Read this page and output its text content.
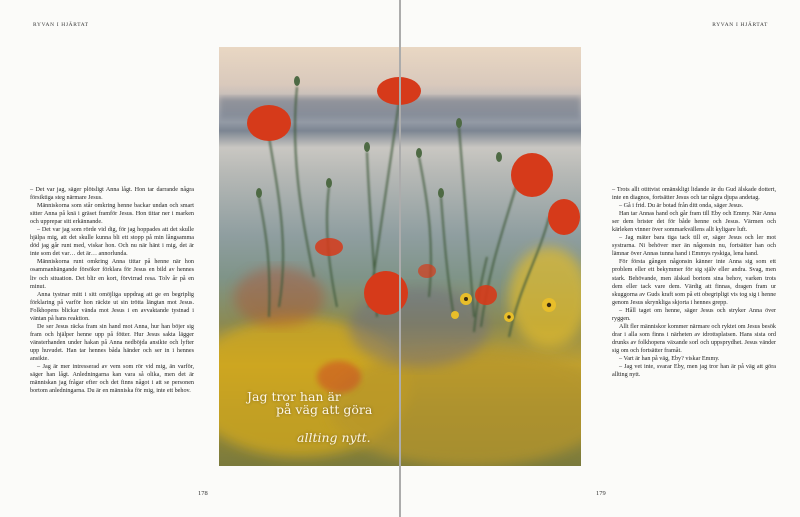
RYVAN I HJÄRTAT

– Det var jag, säger plötsligt Anna lågt. Hon tar darrande några försiktiga steg närmare Jesus.

Människorna som står omkring henne backar undan och smart sitter Anna på knä i gräset framför Jesus. Hon tittar ner i marken och upprepar sitt erkännande.

– Det var jag som rörde vid dig, för jag hoppades att det skulle hjälpa mig, att det skulle kunna bli ett stopp på min långsamma död jag går runt med, viskar hon. Och nu när hänt i mig, det är inte som det var… det är… annorlunda.

Människorna runt omkring Anna tittar på henne när hon osammanhängande försöker förklara för Jesus en bild av hennes liv och situation. Det blir en kort, förvirrad resa. Tolv år på en minut.

Anna tystnar mitt i sitt omöjliga uppdrag att ge en begriplig förklaring på varför hon räckte ut sin trötta längtan mot Jesus. Folkhopens blickar vända mot Jesus i en avvaktande tystnad i väntan på hans reaktion.

De ser Jesus räcka fram sin hand mot Anna, hur han böjer sig fram och hjälper henne upp på fötter. Hur Jesus sakta lägger vänsterhanden under hakan på Anna nedböjda ansikte och lyfter upp huvudet. Han tar hennes båda händer och ser in i hennes ansikte.

– Jag är mer intresserad av vem som rör vid mig, än varför, säger han lågt. Anledningarna kan vara så olika, men det är människan jag frågar efter och det finns något i att se personen bortom anledningarna. Du är en människa för mig, inte ett behov.

178
RYVAN I HJÄRTAT

– Trots allt otittvist omänskligt lidande är du Gud älskade dottert, inte en diagnos, fortsätter Jesus och tar några djupa andetag.

– Gå i frid. Du är botad från ditt onda, säger Jesus.

Han tar Annas hand och går fram till Eby och Emmy. När Anna ser dem brister det för både henne och Jesus. Värmen och kärleken vinner över sommarkvällens allt kyligare luft.

– Jag mäter bara tiga tack till er, säger Jesus och ler mot systrarna. Ni behöver mer än någonsin nu, fortsätter han och lämnar över Annas tunna hand i Emmys ryskiga, lena hand.

För första gången någonsin känner inte Anna sig som ett problem eller ett bekymmer för sig själv eller andra. Svag, men stark. Behövande, men älskad bortom sina behov, varken trots dem eller tack vare dem. Värdig att finnas, dragen fram ur skuggorna av Guds kraft som på ett obegripligt vis tog sig i henne genom Jesus skrynkliga skjorta i hennes grepp.

– Håll taget om henne, säger Jesus och stryker Anna över ryggen.

Allt fler människor kommer närmare och ryktet om Jesus besök drar i alla som finns i närheten av idrottsplatsen. Hans sista ord drunks av folkhopens växande sorl och uppsprydhet. Jesus vänder sig om och fortsätter framåt.

– Vart är han på väg, Eby? viskar Emmy.

– Jag vet inte, svarar Eby, men jag tror han är på väg att göra allting nytt.

179
Jag tror han är
på väg att göra
allting nytt.
